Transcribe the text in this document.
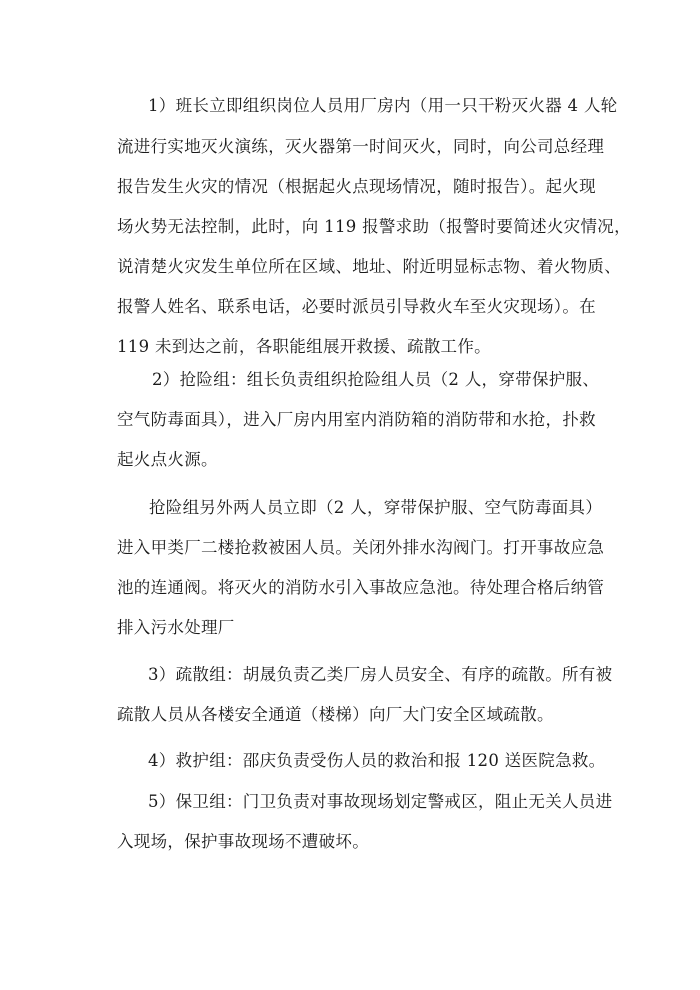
1）班长立即组织岗位人员用厂房内（用一只干粉灭火器 4 人轮
流进行实地灭火演练，灭火器第一时间灭火，同时，向公司总经理
报告发生火灾的情况（根据起火点现场情况，随时报告）。起火现
场火势无法控制，此时，向 119 报警求助（报警时要简述火灾情况，
说清楚火灾发生单位所在区域、地址、附近明显标志物、着火物质、
报警人姓名、联系电话，必要时派员引导救火车至火灾现场）。在
119 未到达之前，各职能组展开救援、疏散工作。
2）抢险组：组长负责组织抢险组人员（2 人，穿带保护服、
空气防毒面具），进入厂房内用室内消防箱的消防带和水抢，扑救
起火点火源。
抢险组另外两人员立即（2 人，穿带保护服、空气防毒面具）
进入甲类厂二楼抢救被困人员。关闭外排水沟阀门。打开事故应急
池的连通阀。将灭火的消防水引入事故应急池。待处理合格后纳管
排入污水处理厂
3）疏散组：胡晟负责乙类厂房人员安全、有序的疏散。所有被
疏散人员从各楼安全通道（楼梯）向厂大门安全区域疏散。
4）救护组：邵庆负责受伤人员的救治和报 120 送医院急救。
5）保卫组：门卫负责对事故现场划定警戒区，阻止无关人员进
入现场，保护事故现场不遭破坏。
